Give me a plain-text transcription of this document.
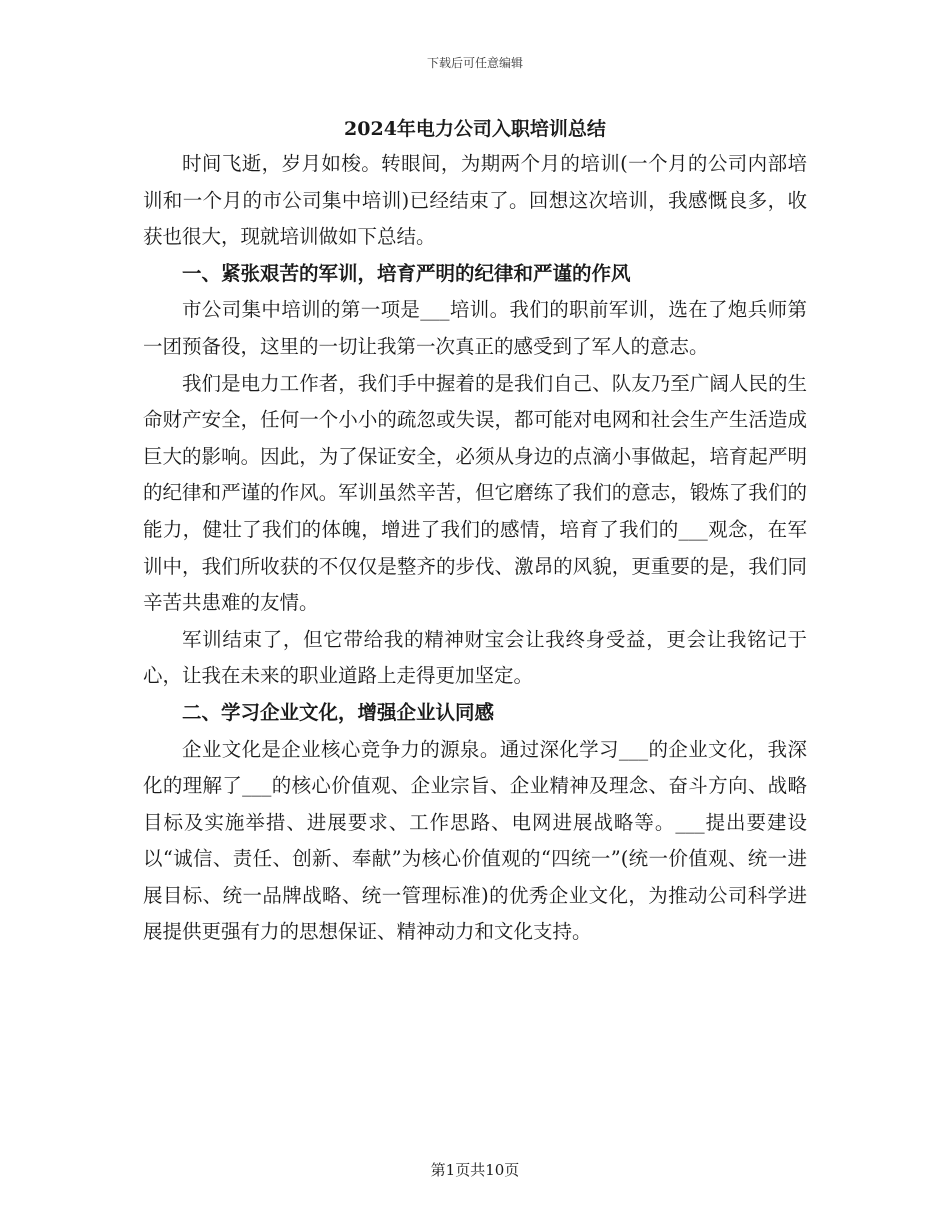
下载后可任意编辑
2024年电力公司入职培训总结

时间飞逝，岁月如梭。转眼间，为期两个月的培训(一个月的公司内部培训和一个月的市公司集中培训)已经结束了。回想这次培训，我感慨良多，收获也很大，现就培训做如下总结。

一、紧张艰苦的军训，培育严明的纪律和严谨的作风

市公司集中培训的第一项是___培训。我们的职前军训，选在了炮兵师第一团预备役，这里的一切让我第一次真正的感受到了军人的意志。

我们是电力工作者，我们手中握着的是我们自己、队友乃至广阔人民的生命财产安全，任何一个小小的疏忽或失误，都可能对电网和社会生产生活造成巨大的影响。因此，为了保证安全，必须从身边的点滴小事做起，培育起严明的纪律和严谨的作风。军训虽然辛苦，但它磨练了我们的意志，锻炼了我们的能力，健壮了我们的体魄，增进了我们的感情，培育了我们的___观念，在军训中，我们所收获的不仅仅是整齐的步伐、激昂的风貌，更重要的是，我们同辛苦共患难的友情。

军训结束了，但它带给我的精神财宝会让我终身受益，更会让我铭记于心，让我在未来的职业道路上走得更加坚定。

二、学习企业文化，增强企业认同感

企业文化是企业核心竞争力的源泉。通过深化学习___的企业文化，我深化的理解了___的核心价值观、企业宗旨、企业精神及理念、奋斗方向、战略目标及实施举措、进展要求、工作思路、电网进展战略等。___提出要建设以“诚信、责任、创新、奉献”为核心价值观的“四统一”(统一价值观、统一进展目标、统一品牌战略、统一管理标准)的优秀企业文化，为推动公司科学进展提供更强有力的思想保证、精神动力和文化支持。

第1页共10页
